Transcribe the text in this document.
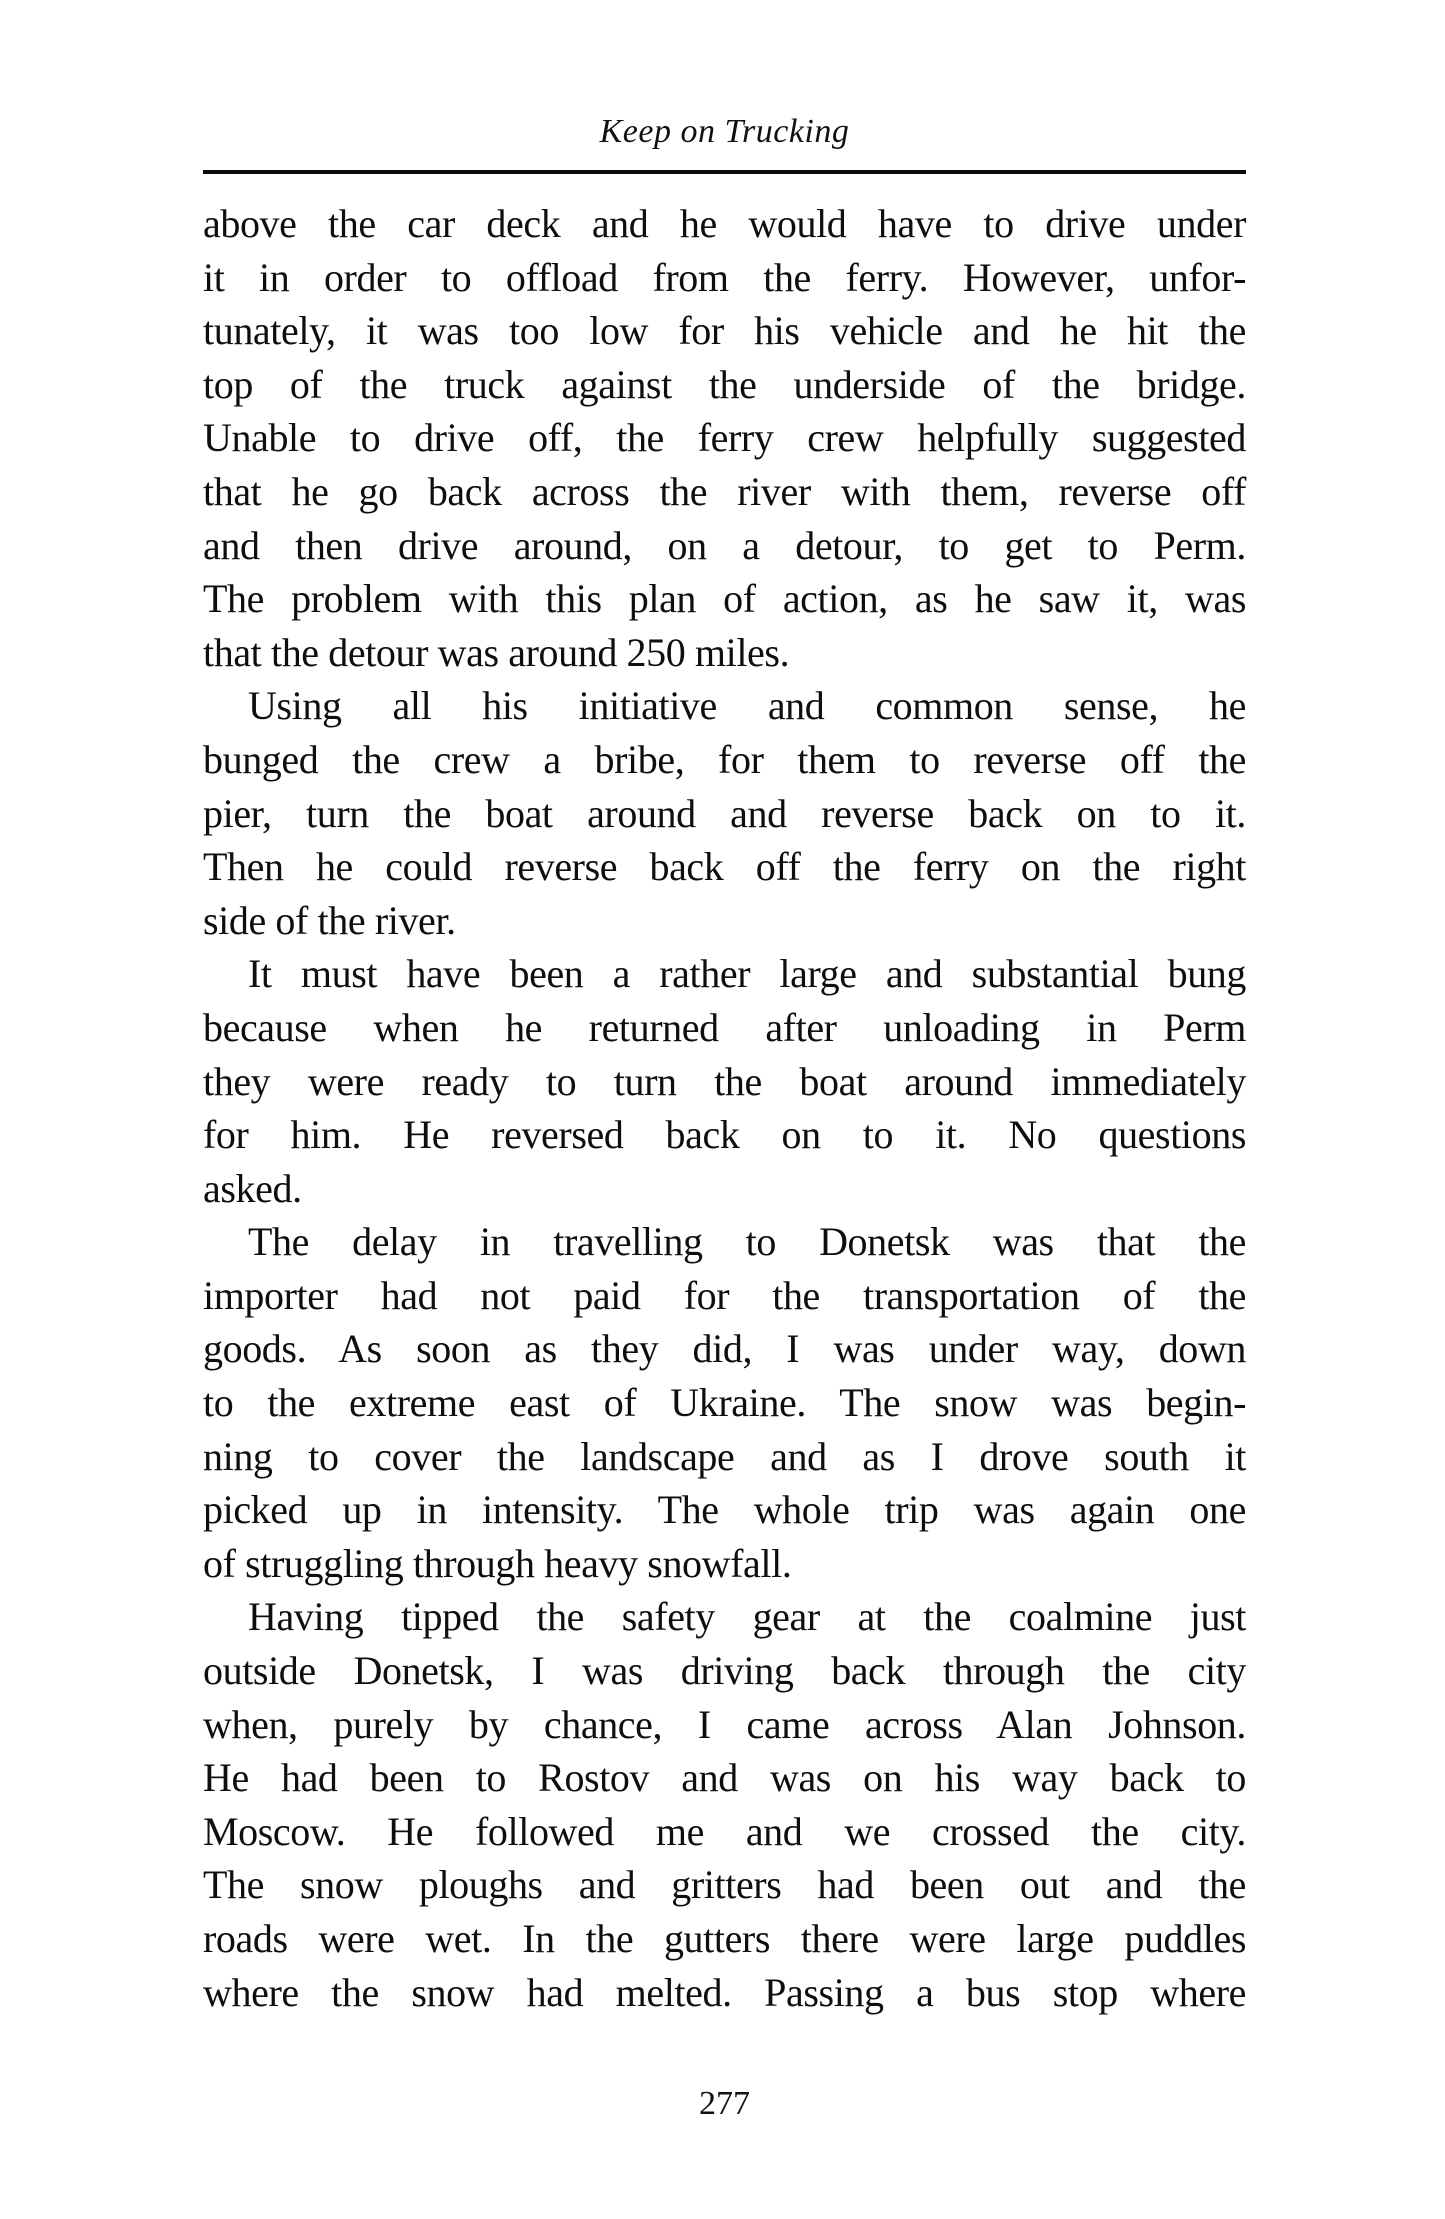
Keep on Trucking
above the car deck and he would have to drive under
it in order to offload from the ferry. However, unfor-
tunately, it was too low for his vehicle and he hit the
top of the truck against the underside of the bridge.
Unable to drive off, the ferry crew helpfully suggested
that he go back across the river with them, reverse off
and then drive around, on a detour, to get to Perm.
The problem with this plan of action, as he saw it, was
that the detour was around 250 miles.
Using all his initiative and common sense, he
bunged the crew a bribe, for them to reverse off the
pier, turn the boat around and reverse back on to it.
Then he could reverse back off the ferry on the right
side of the river.
It must have been a rather large and substantial bung
because when he returned after unloading in Perm
they were ready to turn the boat around immediately
for him. He reversed back on to it. No questions
asked.
The delay in travelling to Donetsk was that the
importer had not paid for the transportation of the
goods. As soon as they did, I was under way, down
to the extreme east of Ukraine. The snow was begin-
ning to cover the landscape and as I drove south it
picked up in intensity. The whole trip was again one
of struggling through heavy snowfall.
Having tipped the safety gear at the coalmine just
outside Donetsk, I was driving back through the city
when, purely by chance, I came across Alan Johnson.
He had been to Rostov and was on his way back to
Moscow. He followed me and we crossed the city.
The snow ploughs and gritters had been out and the
roads were wet. In the gutters there were large puddles
where the snow had melted. Passing a bus stop where
277
